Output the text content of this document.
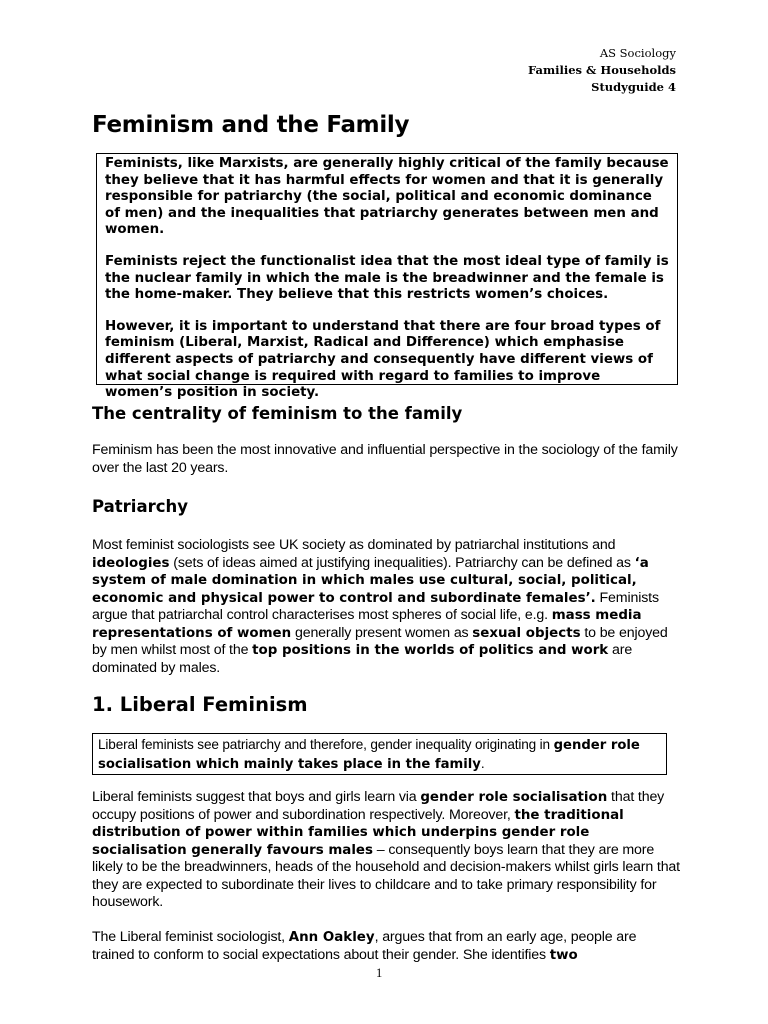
AS Sociology
Families & Households
Studyguide 4
Feminism and the Family

Feminists, like Marxists, are generally highly critical of the family because they believe that it has harmful effects for women and that it is generally responsible for patriarchy (the social, political and economic dominance of men) and the inequalities that patriarchy generates between men and women.

Feminists reject the functionalist idea that the most ideal type of family is the nuclear family in which the male is the breadwinner and the female is the home-maker. They believe that this restricts women’s choices.

However, it is important to understand that there are four broad types of feminism (Liberal, Marxist, Radical and Difference) which emphasise different aspects of patriarchy and consequently have different views of what social change is required with regard to families to improve women’s position in society.

The centrality of feminism to the family

Feminism has been the most innovative and influential perspective in the sociology of the family over the last 20 years.

Patriarchy

Most feminist sociologists see UK society as dominated by patriarchal institutions and ideologies (sets of ideas aimed at justifying inequalities). Patriarchy can be defined as ‘a system of male domination in which males use cultural, social, political, economic and physical power to control and subordinate females’. Feminists argue that patriarchal control characterises most spheres of social life, e.g. mass media representations of women generally present women as sexual objects to be enjoyed by men whilst most of the top positions in the worlds of politics and work are dominated by males.

1. Liberal Feminism
Liberal feminists see patriarchy and therefore, gender inequality originating in gender role socialisation which mainly takes place in the family.

Liberal feminists suggest that boys and girls learn via gender role socialisation that they occupy positions of power and subordination respectively. Moreover, the traditional distribution of power within families which underpins gender role socialisation generally favours males – consequently boys learn that they are more likely to be the breadwinners, heads of the household and decision-makers whilst girls learn that they are expected to subordinate their lives to childcare and to take primary responsibility for housework.

The Liberal feminist sociologist, Ann Oakley, argues that from an early age, people are trained to conform to social expectations about their gender. She identifies two

1
